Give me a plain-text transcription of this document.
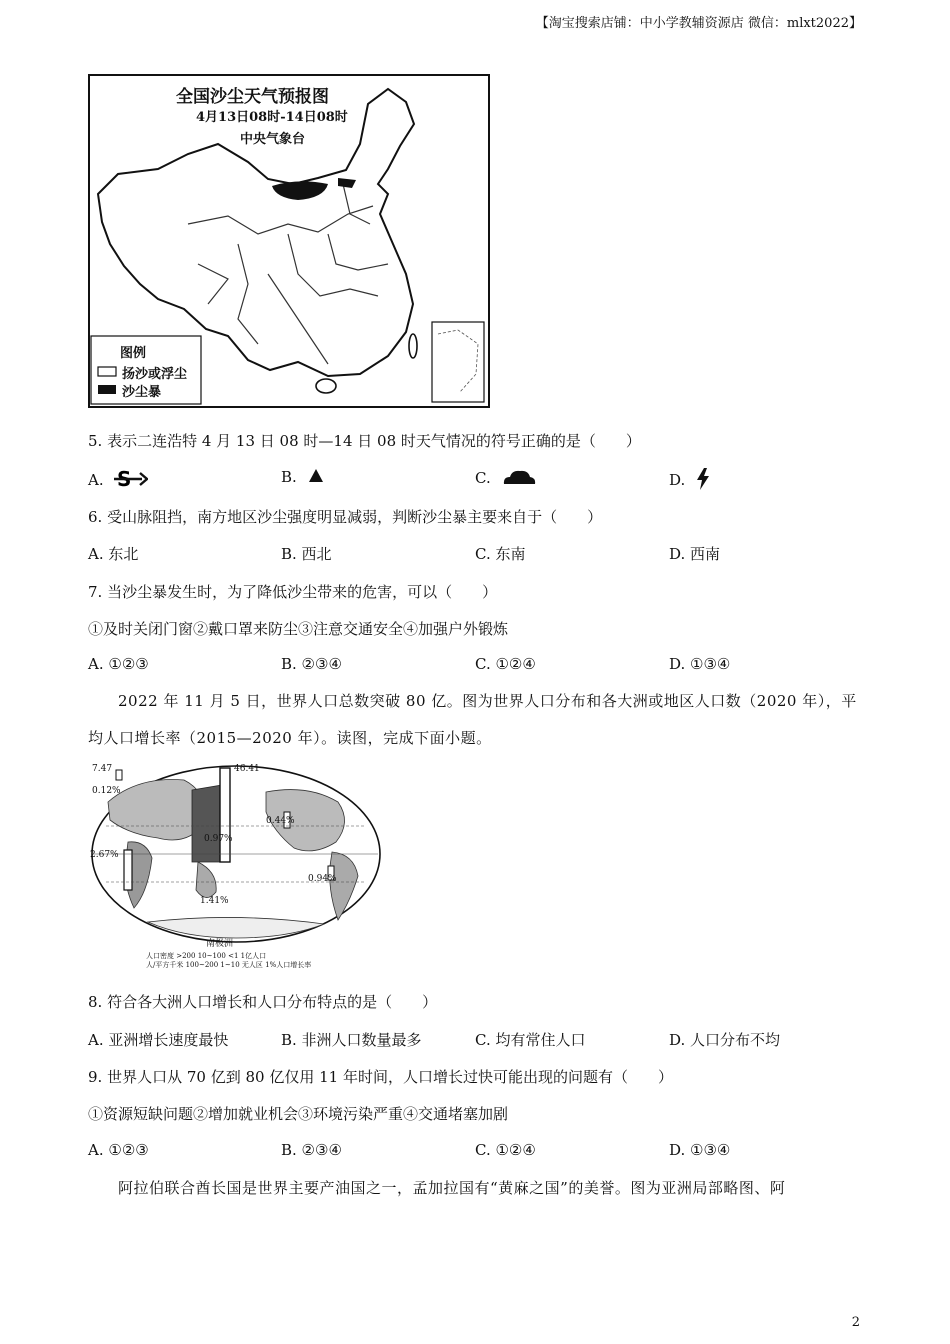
【淘宝搜索店铺：中小学教辅资源店 微信：mlxt2022】
全国沙尘天气预报图
4月13日08时-14日08时
中央气象台
图例
扬沙或浮尘
沙尘暴
5. 表示二连浩特 4 月 13 日 08 时—14 日 08 时天气情况的符号正确的是（　　）
A. S	B.	C.	D.
6. 受山脉阻挡，南方地区沙尘强度明显减弱，判断沙尘暴主要来自于（　　）
A. 东北	B. 西北	C. 东南	D. 西南
7. 当沙尘暴发生时，为了降低沙尘带来的危害，可以（　　）
①及时关闭门窗②戴口罩来防尘③注意交通安全④加强户外锻炼
A. ①②③	B. ②③④	C. ①②④	D. ①③④
2022 年 11 月 5 日，世界人口总数突破 80 亿。图为世界人口分布和各大洲或地区人口数（2020 年），平均人口增长率（2015—2020 年）。读图，完成下面小题。
7.47
0.12%
2.67%
46.41
0.44%
0.97%
0.94%
1.41%
南极洲
人口密度 >200 10~100 <1 1亿人口
人/平方千米 100~200 1~10 无人区 1%人口增长率
8. 符合各大洲人口增长和人口分布特点的是（　　）
A. 亚洲增长速度最快	B. 非洲人口数量最多	C. 均有常住人口	D. 人口分布不均
9. 世界人口从 70 亿到 80 亿仅用 11 年时间，人口增长过快可能出现的问题有（　　）
①资源短缺问题②增加就业机会③环境污染严重④交通堵塞加剧
A. ①②③	B. ②③④	C. ①②④	D. ①③④
阿拉伯联合酋长国是世界主要产油国之一，孟加拉国有“黄麻之国”的美誉。图为亚洲局部略图、阿
2
